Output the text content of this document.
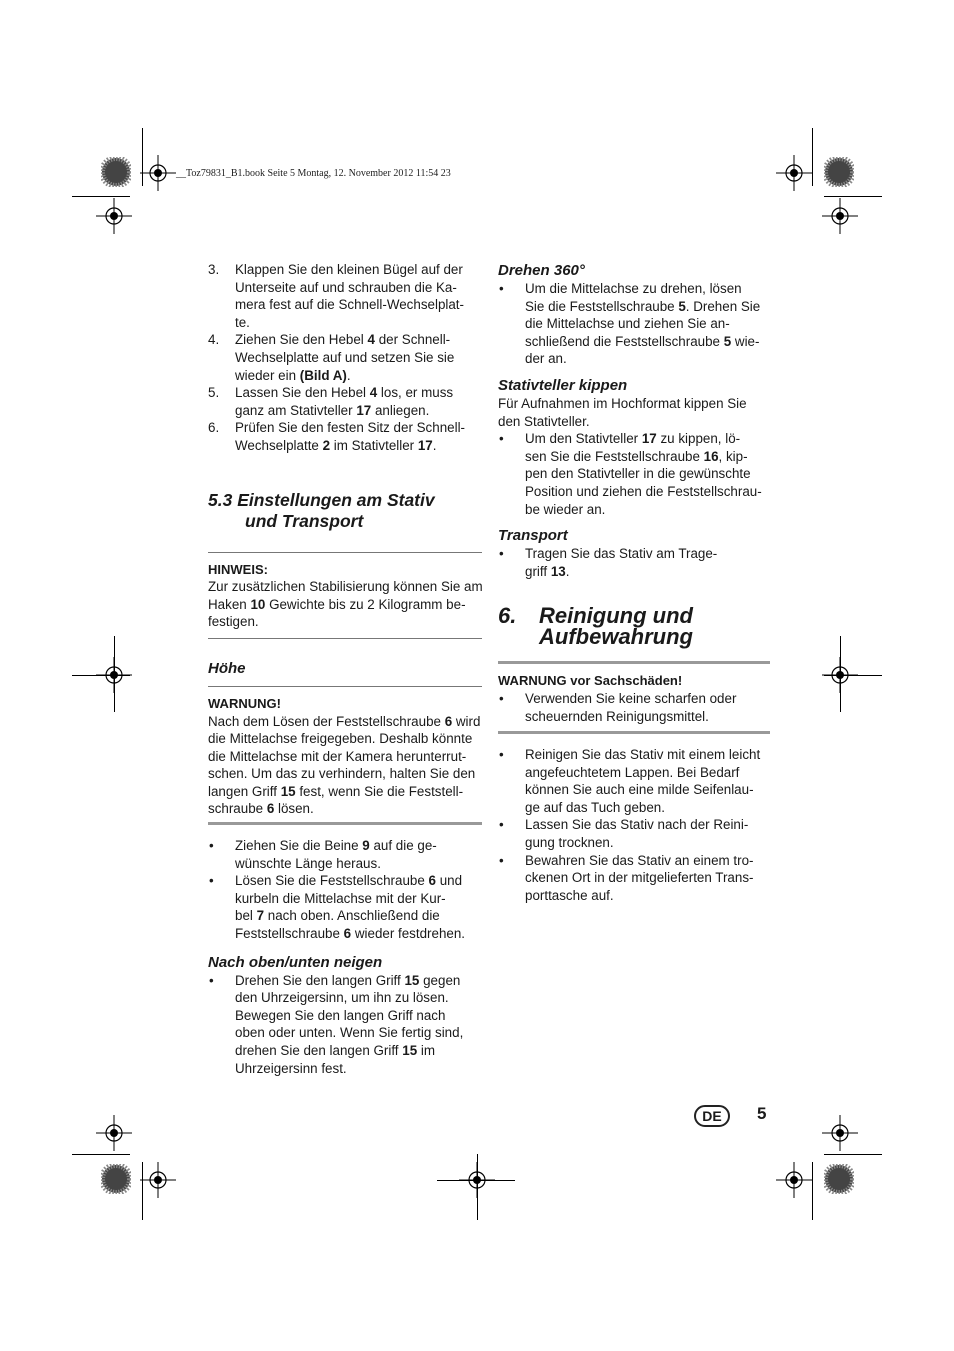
__Toz79831_B1.book Seite 5 Montag, 12. November 2012 11:54 23
3. Klappen Sie den kleinen Bügel auf der
Unterseite auf und schrauben die Ka-
mera fest auf die Schnell-Wechselplat-
te.
4. Ziehen Sie den Hebel 4 der Schnell-
Wechselplatte auf und setzen Sie sie
wieder ein (Bild A).
5. Lassen Sie den Hebel 4 los, er muss
ganz am Stativteller 17 anliegen.
6. Prüfen Sie den festen Sitz der Schnell-
Wechselplatte 2 im Stativteller 17.
5.3 Einstellungen am Stativ
und Transport
HINWEIS:
Zur zusätzlichen Stabilisierung können Sie am
Haken 10 Gewichte bis zu 2 Kilogramm be-
festigen.
Höhe
WARNUNG!
Nach dem Lösen der Feststellschraube 6 wird
die Mittelachse freigegeben. Deshalb könnte
die Mittelachse mit der Kamera herunterrut-
schen. Um das zu verhindern, halten Sie den
langen Griff 15 fest, wenn Sie die Feststell-
schraube 6 lösen.
• Ziehen Sie die Beine 9 auf die ge-
wünschte Länge heraus.
• Lösen Sie die Feststellschraube 6 und
kurbeln die Mittelachse mit der Kur-
bel 7 nach oben. Anschließend die
Feststellschraube 6 wieder festdrehen.
Nach oben/unten neigen
• Drehen Sie den langen Griff 15 gegen
den Uhrzeigersinn, um ihn zu lösen.
Bewegen Sie den langen Griff nach
oben oder unten. Wenn Sie fertig sind,
drehen Sie den langen Griff 15 im
Uhrzeigersinn fest.
Drehen 360°
• Um die Mittelachse zu drehen, lösen
Sie die Feststellschraube 5. Drehen Sie
die Mittelachse und ziehen Sie an-
schließend die Feststellschraube 5 wie-
der an.
Stativteller kippen
Für Aufnahmen im Hochformat kippen Sie
den Stativteller.
• Um den Stativteller 17 zu kippen, lö-
sen Sie die Feststellschraube 16, kip-
pen den Stativteller in die gewünschte
Position und ziehen die Feststellschrau-
be wieder an.
Transport
• Tragen Sie das Stativ am Trage-
griff 13.
6. Reinigung und
Aufbewahrung
WARNUNG vor Sachschäden!
• Verwenden Sie keine scharfen oder
scheuernden Reinigungsmittel.
• Reinigen Sie das Stativ mit einem leicht
angefeuchtetem Lappen. Bei Bedarf
können Sie auch eine milde Seifenlau-
ge auf das Tuch geben.
• Lassen Sie das Stativ nach der Reini-
gung trocknen.
• Bewahren Sie das Stativ an einem tro-
ckenen Ort in der mitgelieferten Trans-
porttasche auf.
DE	5
